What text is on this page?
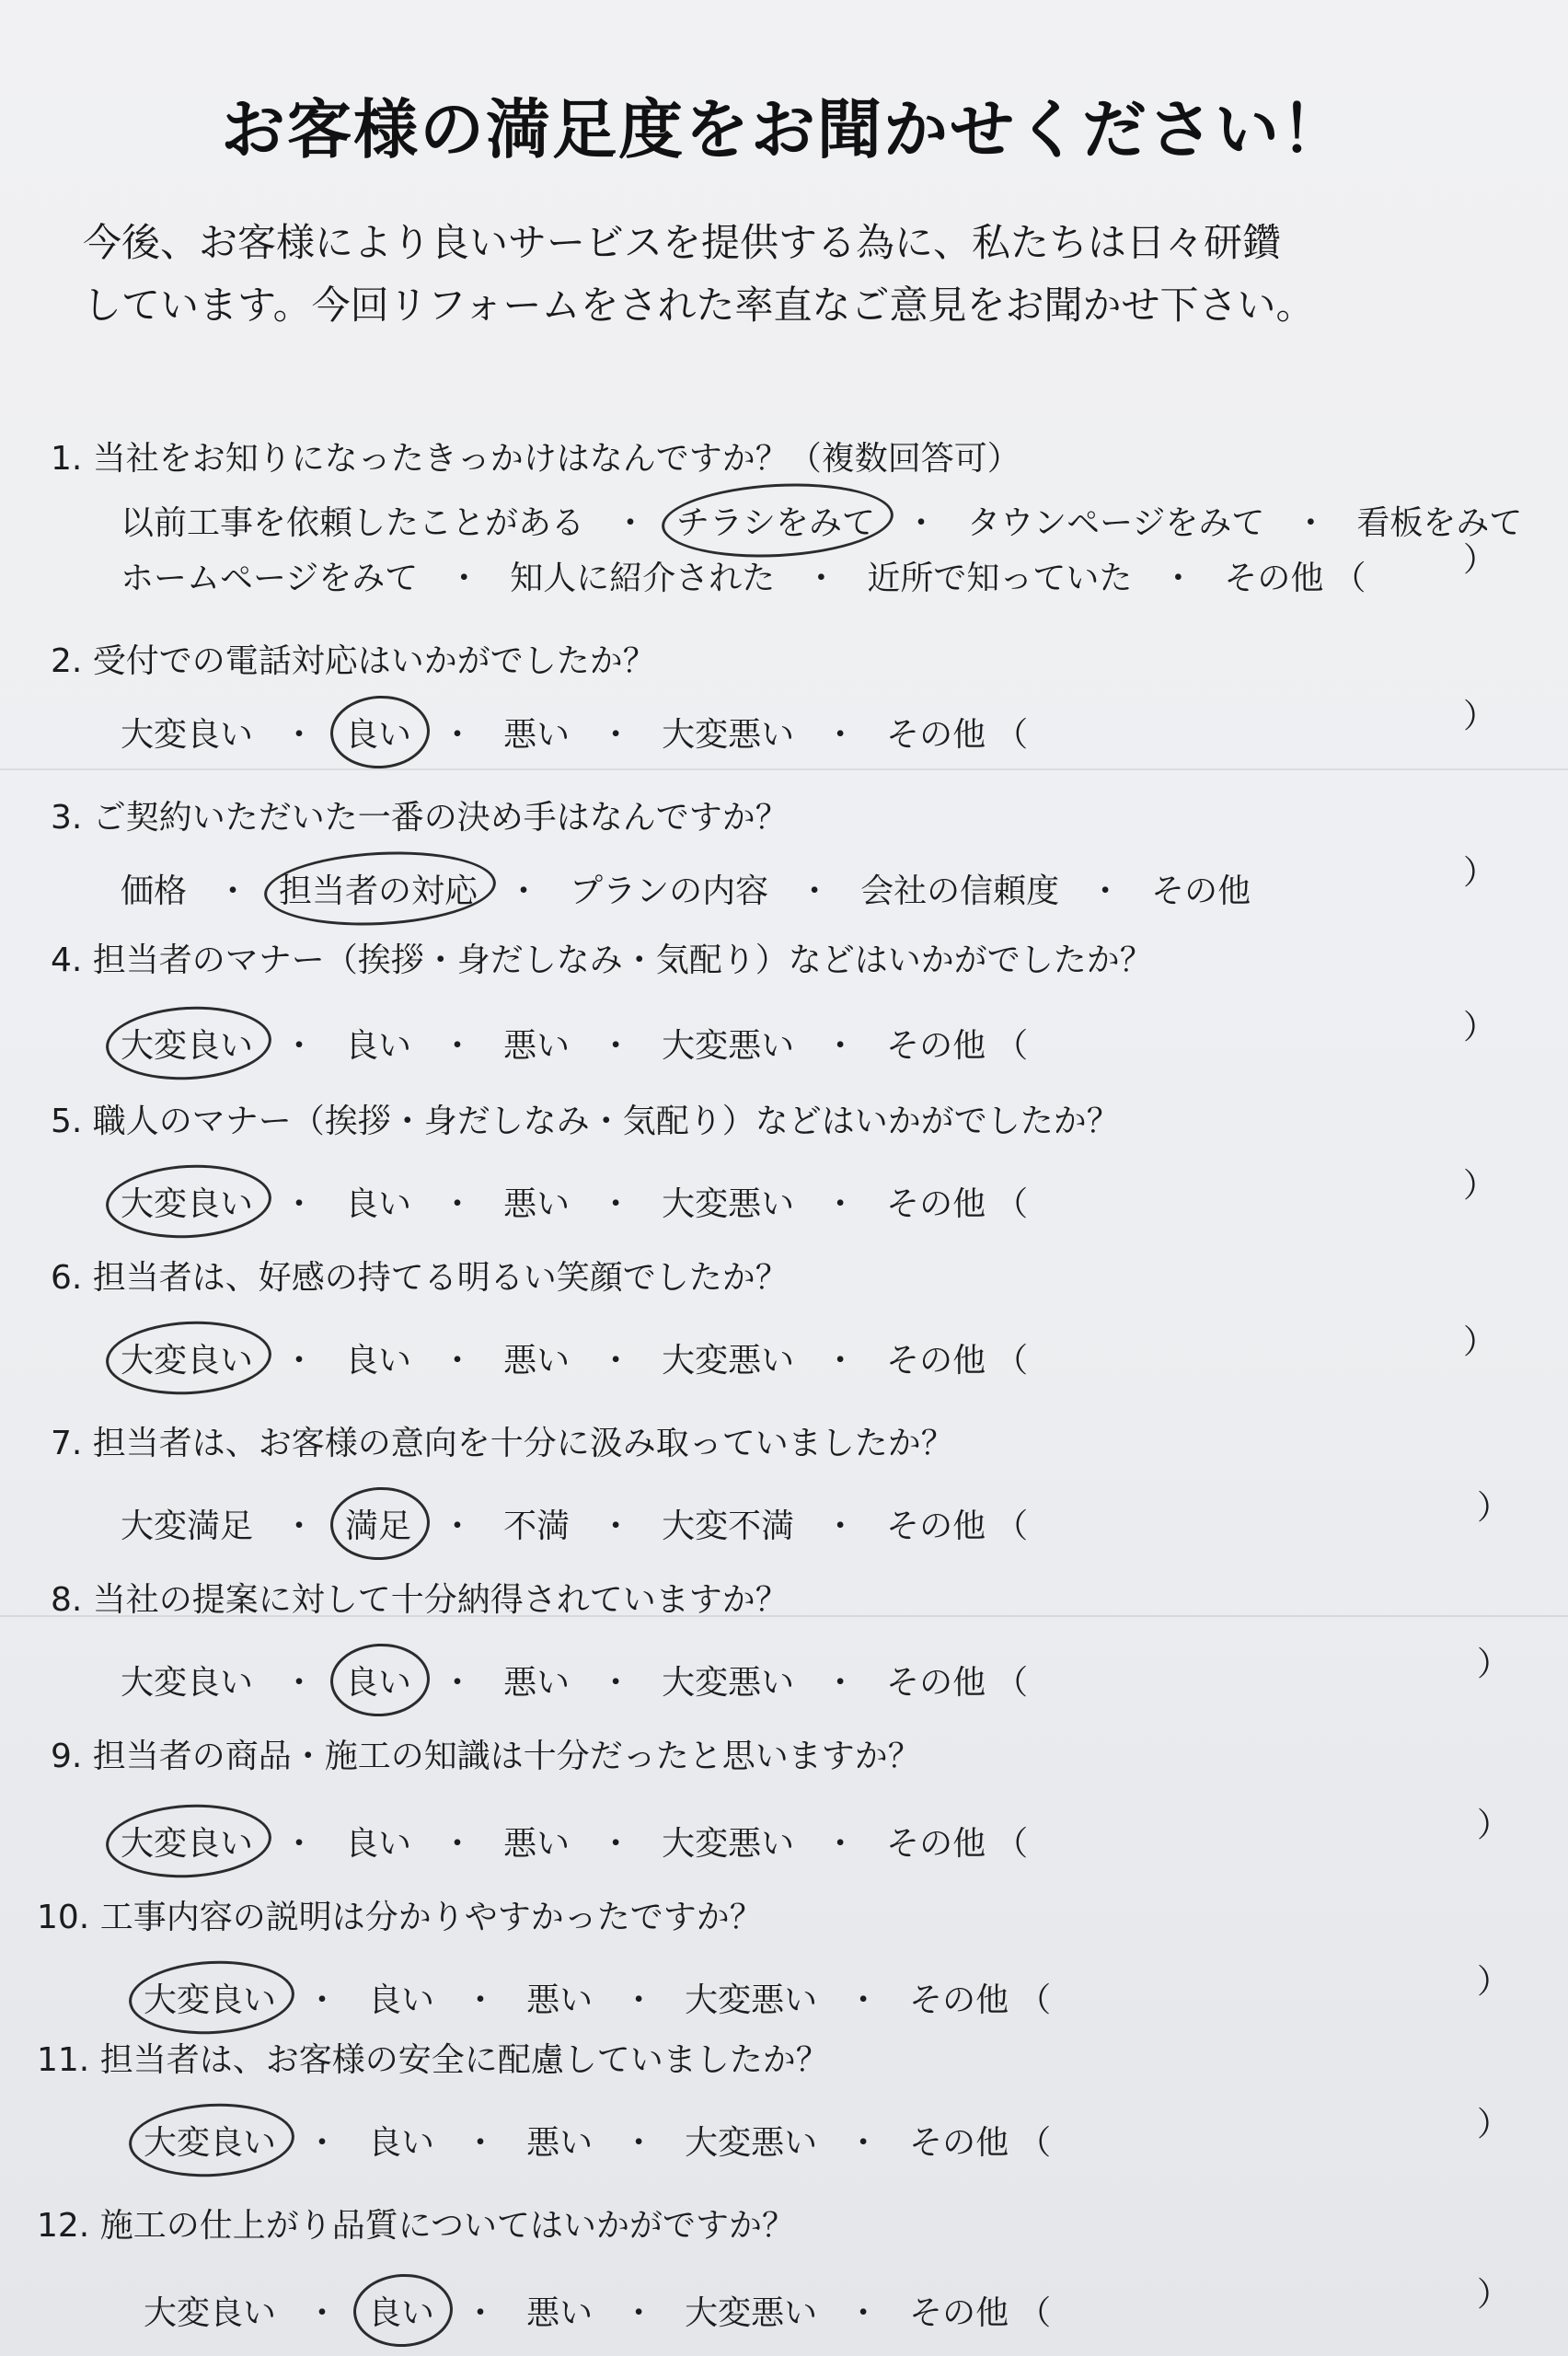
お客様の満足度をお聞かせください！
今後、お客様により良いサービスを提供する為に、私たちは日々研鑽
しています。今回リフォームをされた率直なご意見をお聞かせ下さい。
1. 当社をお知りになったきっかけはなんですか？（複数回答可）
以前工事を依頼したことがある ・ チラシをみて ・ タウンページをみて ・ 看板をみて
ホームページをみて ・ 知人に紹介された ・ 近所で知っていた ・ その他 （	）
2. 受付での電話対応はいかがでしたか？
大変良い ・ 良い ・ 悪い ・ 大変悪い ・ その他 （	）
3. ご契約いただいた一番の決め手はなんですか？
価格 ・ 担当者の対応 ・ プランの内容 ・ 会社の信頼度 ・ その他	）
4. 担当者のマナー（挨拶・身だしなみ・気配り）などはいかがでしたか？
大変良い ・ 良い ・ 悪い ・ 大変悪い ・ その他 （	）
5. 職人のマナー（挨拶・身だしなみ・気配り）などはいかがでしたか？
大変良い ・ 良い ・ 悪い ・ 大変悪い ・ その他 （	）
6. 担当者は、好感の持てる明るい笑顔でしたか？
大変良い ・ 良い ・ 悪い ・ 大変悪い ・ その他 （	）
7. 担当者は、お客様の意向を十分に汲み取っていましたか？
大変満足 ・ 満足 ・ 不満 ・ 大変不満 ・ その他 （	）
8. 当社の提案に対して十分納得されていますか？
大変良い ・ 良い ・ 悪い ・ 大変悪い ・ その他 （	）
9. 担当者の商品・施工の知識は十分だったと思いますか？
大変良い ・ 良い ・ 悪い ・ 大変悪い ・ その他 （	）
10. 工事内容の説明は分かりやすかったですか？
大変良い ・ 良い ・ 悪い ・ 大変悪い ・ その他 （	）
11. 担当者は、お客様の安全に配慮していましたか？
大変良い ・ 良い ・ 悪い ・ 大変悪い ・ その他 （	）
12. 施工の仕上がり品質についてはいかがですか？
大変良い ・ 良い ・ 悪い ・ 大変悪い ・ その他 （	）
